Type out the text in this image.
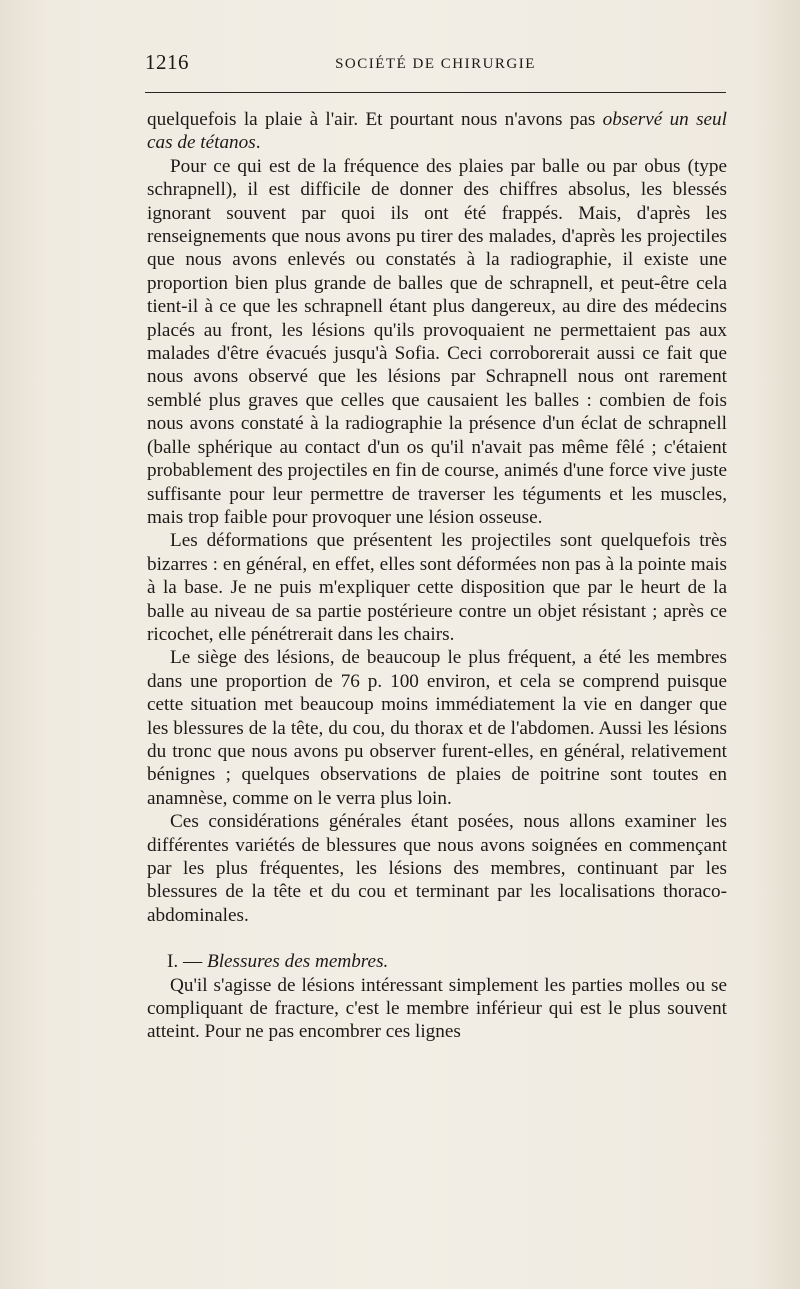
1216	SOCIÉTÉ DE CHIRURGIE

quelquefois la plaie à l'air. Et pourtant nous n'avons pas observé un seul cas de tétanos.

Pour ce qui est de la fréquence des plaies par balle ou par obus (type schrapnell), il est difficile de donner des chiffres absolus, les blessés ignorant souvent par quoi ils ont été frappés. Mais, d'après les renseignements que nous avons pu tirer des malades, d'après les projectiles que nous avons enlevés ou constatés à la radiographie, il existe une proportion bien plus grande de balles que de schrapnell, et peut-être cela tient-il à ce que les schrapnell étant plus dangereux, au dire des médecins placés au front, les lésions qu'ils provoquaient ne permettaient pas aux malades d'être évacués jusqu'à Sofia. Ceci corroborerait aussi ce fait que nous avons observé que les lésions par Schrapnell nous ont rarement semblé plus graves que celles que causaient les balles : combien de fois nous avons constaté à la radiographie la présence d'un éclat de schrapnell (balle sphérique au contact d'un os qu'il n'avait pas même fêlé ; c'étaient probablement des projectiles en fin de course, animés d'une force vive juste suffisante pour leur permettre de traverser les téguments et les muscles, mais trop faible pour provoquer une lésion osseuse.

Les déformations que présentent les projectiles sont quelquefois très bizarres : en général, en effet, elles sont déformées non pas à la pointe mais à la base. Je ne puis m'expliquer cette disposition que par le heurt de la balle au niveau de sa partie postérieure contre un objet résistant ; après ce ricochet, elle pénétrerait dans les chairs.

Le siège des lésions, de beaucoup le plus fréquent, a été les membres dans une proportion de 76 p. 100 environ, et cela se comprend puisque cette situation met beaucoup moins immédiatement la vie en danger que les blessures de la tête, du cou, du thorax et de l'abdomen. Aussi les lésions du tronc que nous avons pu observer furent-elles, en général, relativement bénignes ; quelques observations de plaies de poitrine sont toutes en anamnèse, comme on le verra plus loin.

Ces considérations générales étant posées, nous allons examiner les différentes variétés de blessures que nous avons soignées en commençant par les plus fréquentes, les lésions des membres, continuant par les blessures de la tête et du cou et terminant par les localisations thoraco-abdominales.

I. — Blessures des membres.

Qu'il s'agisse de lésions intéressant simplement les parties molles ou se compliquant de fracture, c'est le membre inférieur qui est le plus souvent atteint. Pour ne pas encombrer ces lignes
